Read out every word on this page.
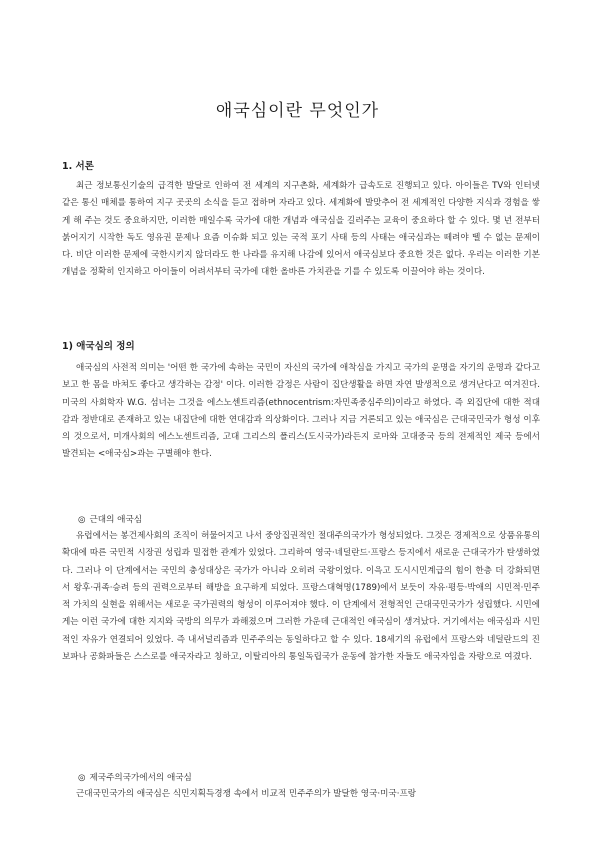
애국심이란 무엇인가
1. 서론

최근 정보통신기술의 급격한 발달로 인하여 전 세계의 지구촌화, 세계화가 급속도로 진행되고 있다. 아이들은 TV와 인터넷 같은 통신 매체를 통하여 지구 곳곳의 소식을 듣고 접하며 자라고 있다. 세계화에 발맞추어 전 세계적인 다양한 지식과 경험을 쌓게 해 주는 것도 중요하지만, 이러한 매일수록 국가에 대한 개념과 애국심을 길러주는 교육이 중요하다 할 수 있다. 몇 년 전부터 붉어지기 시작한 독도 영유권 문제나 요즘 이슈화 되고 있는 국적 포기 사태 등의 사태는 애국심과는 떼려야 뗄 수 없는 문제이다. 비단 이러한 문제에 국한시키지 않더라도 한 나라를 유지해 나감에 있어서 애국심보다 중요한 것은 없다. 우리는 이러한 기본 개념을 정확히 인지하고 아이들이 어려서부터 국가에 대한 올바른 가치관을 기를 수 있도록 이끌어야 하는 것이다.

1) 애국심의 정의

애국심의 사전적 의미는 '어떤 한 국가에 속하는 국민이 자신의 국가에 애착심을 가지고 국가의 운명을 자기의 운명과 같다고 보고 한 몸을 바쳐도 좋다고 생각하는 감정' 이다. 이러한 감정은 사람이 집단생활을 하면 자연 발생적으로 생겨난다고 여겨진다. 미국의 사회학자 W.G. 섬너는 그것을 에스노센트리즘(ethnocentrism:자민족중심주의)이라고 하였다. 즉 외집단에 대한 적대감과 정반대로 존재하고 있는 내집단에 대한 연대감과 의상화이다. 그러나 지금 거론되고 있는 애국심은 근대국민국가 형성 이후의 것으로서, 미개사회의 에스노센트리즘, 고대 그리스의 폴리스(도시국가)라든지 로마와 고대중국 등의 전제적인 제국 등에서 발견되는 <애국심>과는 구별해야 한다.

◎ 근대의 애국심

유럽에서는 봉건제사회의 조직이 허물어지고 나서 중앙집권적인 절대주의국가가 형성되었다. 그것은 경제적으로 상품유통의 확대에 따른 국민적 시장권 성립과 밀접한 관계가 있었다. 그리하여 영국·네덜란드·프랑스 등지에서 새로운 근대국가가 탄생하였다. 그러나 이 단계에서는 국민의 충성대상은 국가가 아니라 오히려 국왕이었다. 이윽고 도시시민계급의 힘이 한층 더 강화되면서 왕후·귀족·승려 등의 권력으로부터 해방을 요구하게 되었다. 프랑스대혁명(1789)에서 보듯이 자유·평등·박애의 시민적·민주적 가치의 실현을 위해서는 새로운 국가권력의 형성이 이루어져야 했다. 이 단계에서 전형적인 근대국민국가가 성립했다. 시민에게는 이런 국가에 대한 지지와 국방의 의무가 과해졌으며 그러한 가운데 근대적인 애국심이 생겨났다. 거기에서는 애국심과 시민적인 자유가 연결되어 있었다. 즉 내셔널리즘과 민주주의는 동일하다고 할 수 있다. 18세기의 유럽에서 프랑스와 네덜란드의 진보파나 공화파들은 스스로를 애국자라고 칭하고, 이탈리아의 통일독립국가 운동에 참가한 자들도 애국자임을 자랑으로 여겼다.

◎ 제국주의국가에서의 애국심

근대국민국가의 애국심은 식민지획득경쟁 속에서 비교적 민주주의가 발달한 영국·미국·프랑
